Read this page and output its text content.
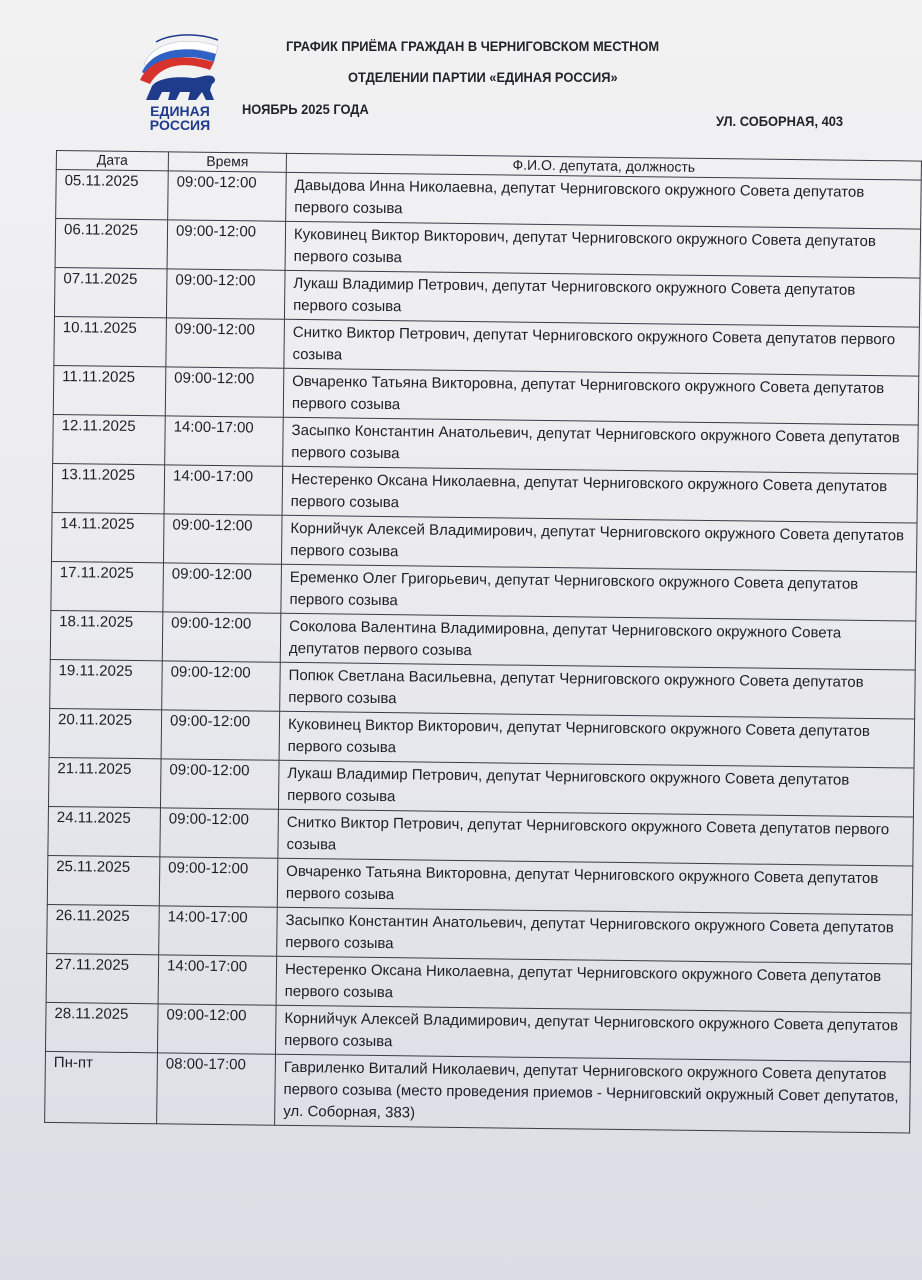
ЕДИНАЯ
РОССИЯ
ГРАФИК ПРИЁМА ГРАЖДАН В ЧЕРНИГОВСКОМ МЕСТНОМ
ОТДЕЛЕНИИ ПАРТИИ «ЕДИНАЯ РОССИЯ»
НОЯБРЬ 2025 ГОДА
УЛ. СОБОРНАЯ, 403
Дата	Время	Ф.И.О. депутата, должность
05.11.2025	09:00-12:00	Давыдова Инна Николаевна, депутат Черниговского окружного Совета депутатов первого созыва
06.11.2025	09:00-12:00	Куковинец Виктор Викторович, депутат Черниговского окружного Совета депутатов первого созыва
07.11.2025	09:00-12:00	Лукаш Владимир Петрович, депутат Черниговского окружного Совета депутатов первого созыва
10.11.2025	09:00-12:00	Снитко Виктор Петрович, депутат Черниговского окружного Совета депутатов первого созыва
11.11.2025	09:00-12:00	Овчаренко Татьяна Викторовна, депутат Черниговского окружного Совета депутатов первого созыва
12.11.2025	14:00-17:00	Засыпко Константин Анатольевич, депутат Черниговского окружного Совета депутатов первого созыва
13.11.2025	14:00-17:00	Нестеренко Оксана Николаевна, депутат Черниговского окружного Совета депутатов первого созыва
14.11.2025	09:00-12:00	Корнийчук Алексей Владимирович, депутат Черниговского окружного Совета депутатов первого созыва
17.11.2025	09:00-12:00	Еременко Олег Григорьевич, депутат Черниговского окружного Совета депутатов первого созыва
18.11.2025	09:00-12:00	Соколова Валентина Владимировна, депутат Черниговского окружного Совета депутатов первого созыва
19.11.2025	09:00-12:00	Попюк Светлана Васильевна, депутат Черниговского окружного Совета депутатов первого созыва
20.11.2025	09:00-12:00	Куковинец Виктор Викторович, депутат Черниговского окружного Совета депутатов первого созыва
21.11.2025	09:00-12:00	Лукаш Владимир Петрович, депутат Черниговского окружного Совета депутатов первого созыва
24.11.2025	09:00-12:00	Снитко Виктор Петрович, депутат Черниговского окружного Совета депутатов первого созыва
25.11.2025	09:00-12:00	Овчаренко Татьяна Викторовна, депутат Черниговского окружного Совета депутатов первого созыва
26.11.2025	14:00-17:00	Засыпко Константин Анатольевич, депутат Черниговского окружного Совета депутатов первого созыва
27.11.2025	14:00-17:00	Нестеренко Оксана Николаевна, депутат Черниговского окружного Совета депутатов первого созыва
28.11.2025	09:00-12:00	Корнийчук Алексей Владимирович, депутат Черниговского окружного Совета депутатов первого созыва
Пн-пт	08:00-17:00	Гавриленко Виталий Николаевич, депутат Черниговского окружного Совета депутатов первого созыва (место проведения приемов - Черниговский окружный Совет депутатов, ул. Соборная, 383)
